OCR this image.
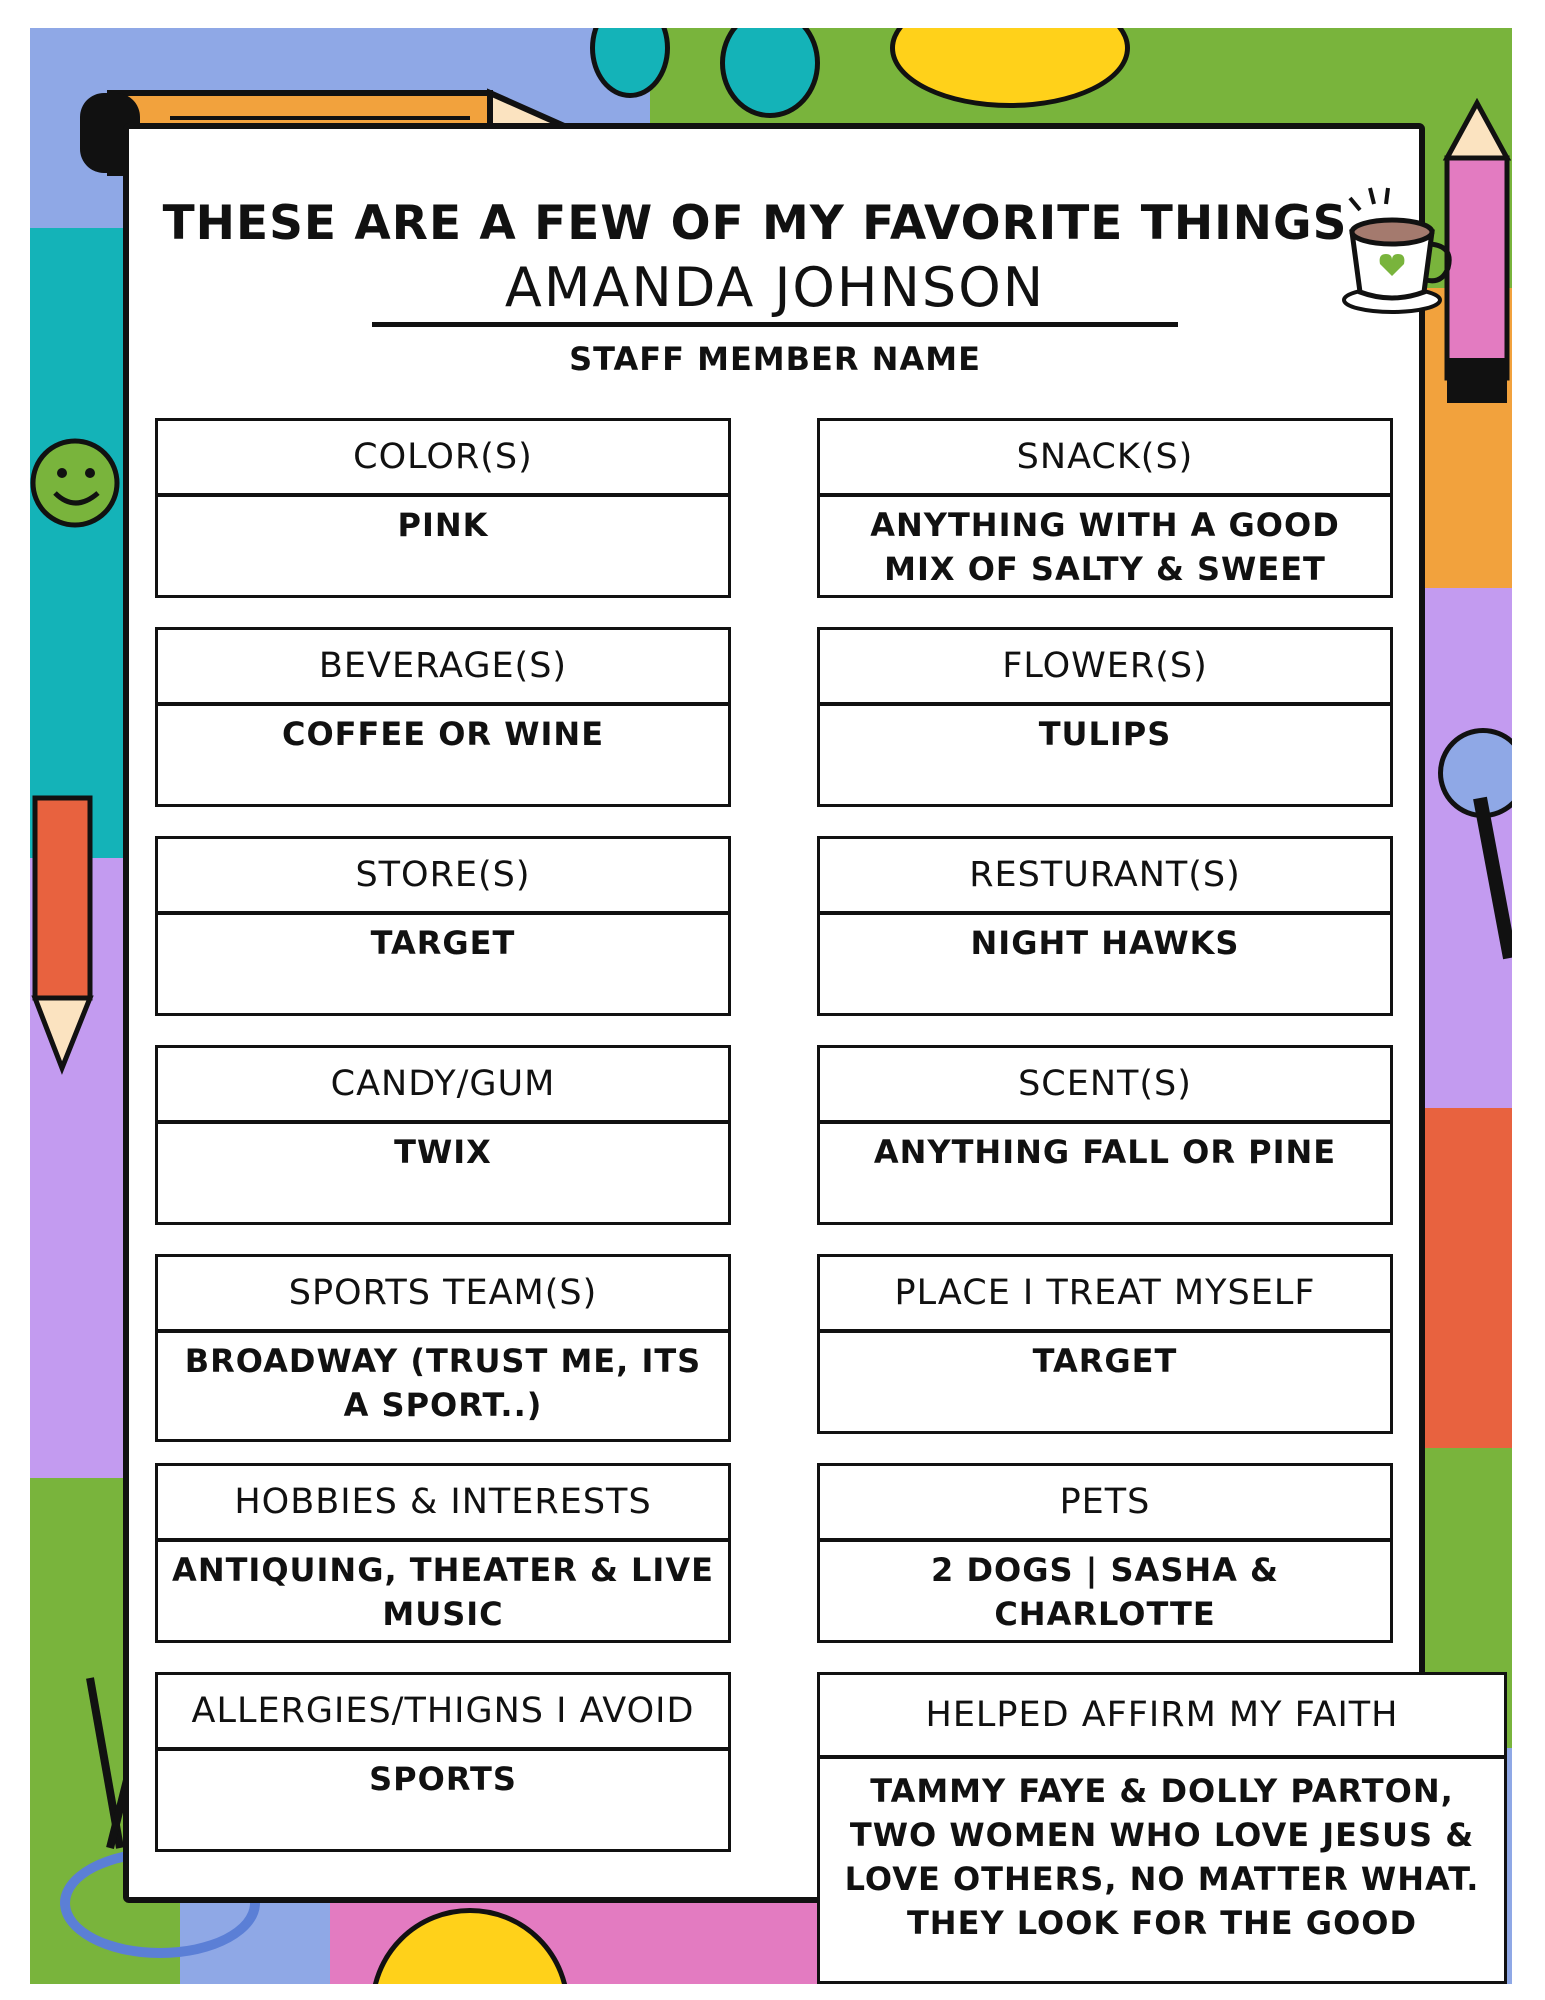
THESE ARE A FEW OF MY FAVORITE THINGS
AMANDA JOHNSON
STAFF MEMBER NAME
COLOR(S)
PINK
SNACK(S)
ANYTHING WITH A GOOD MIX OF SALTY & SWEET
BEVERAGE(S)
COFFEE OR WINE
FLOWER(S)
TULIPS
STORE(S)
TARGET
RESTURANT(S)
NIGHT HAWKS
CANDY/GUM
TWIX
SCENT(S)
ANYTHING FALL OR PINE
SPORTS TEAM(S)
BROADWAY (TRUST ME, ITS A SPORT..)
PLACE I TREAT MYSELF
TARGET
HOBBIES & INTERESTS
ANTIQUING, THEATER & LIVE MUSIC
PETS
2 DOGS | SASHA & CHARLOTTE
ALLERGIES/THIGNS I AVOID
SPORTS
HELPED AFFIRM MY FAITH
TAMMY FAYE & DOLLY PARTON, TWO WOMEN WHO LOVE JESUS & LOVE OTHERS, NO MATTER WHAT. THEY LOOK FOR THE GOOD
